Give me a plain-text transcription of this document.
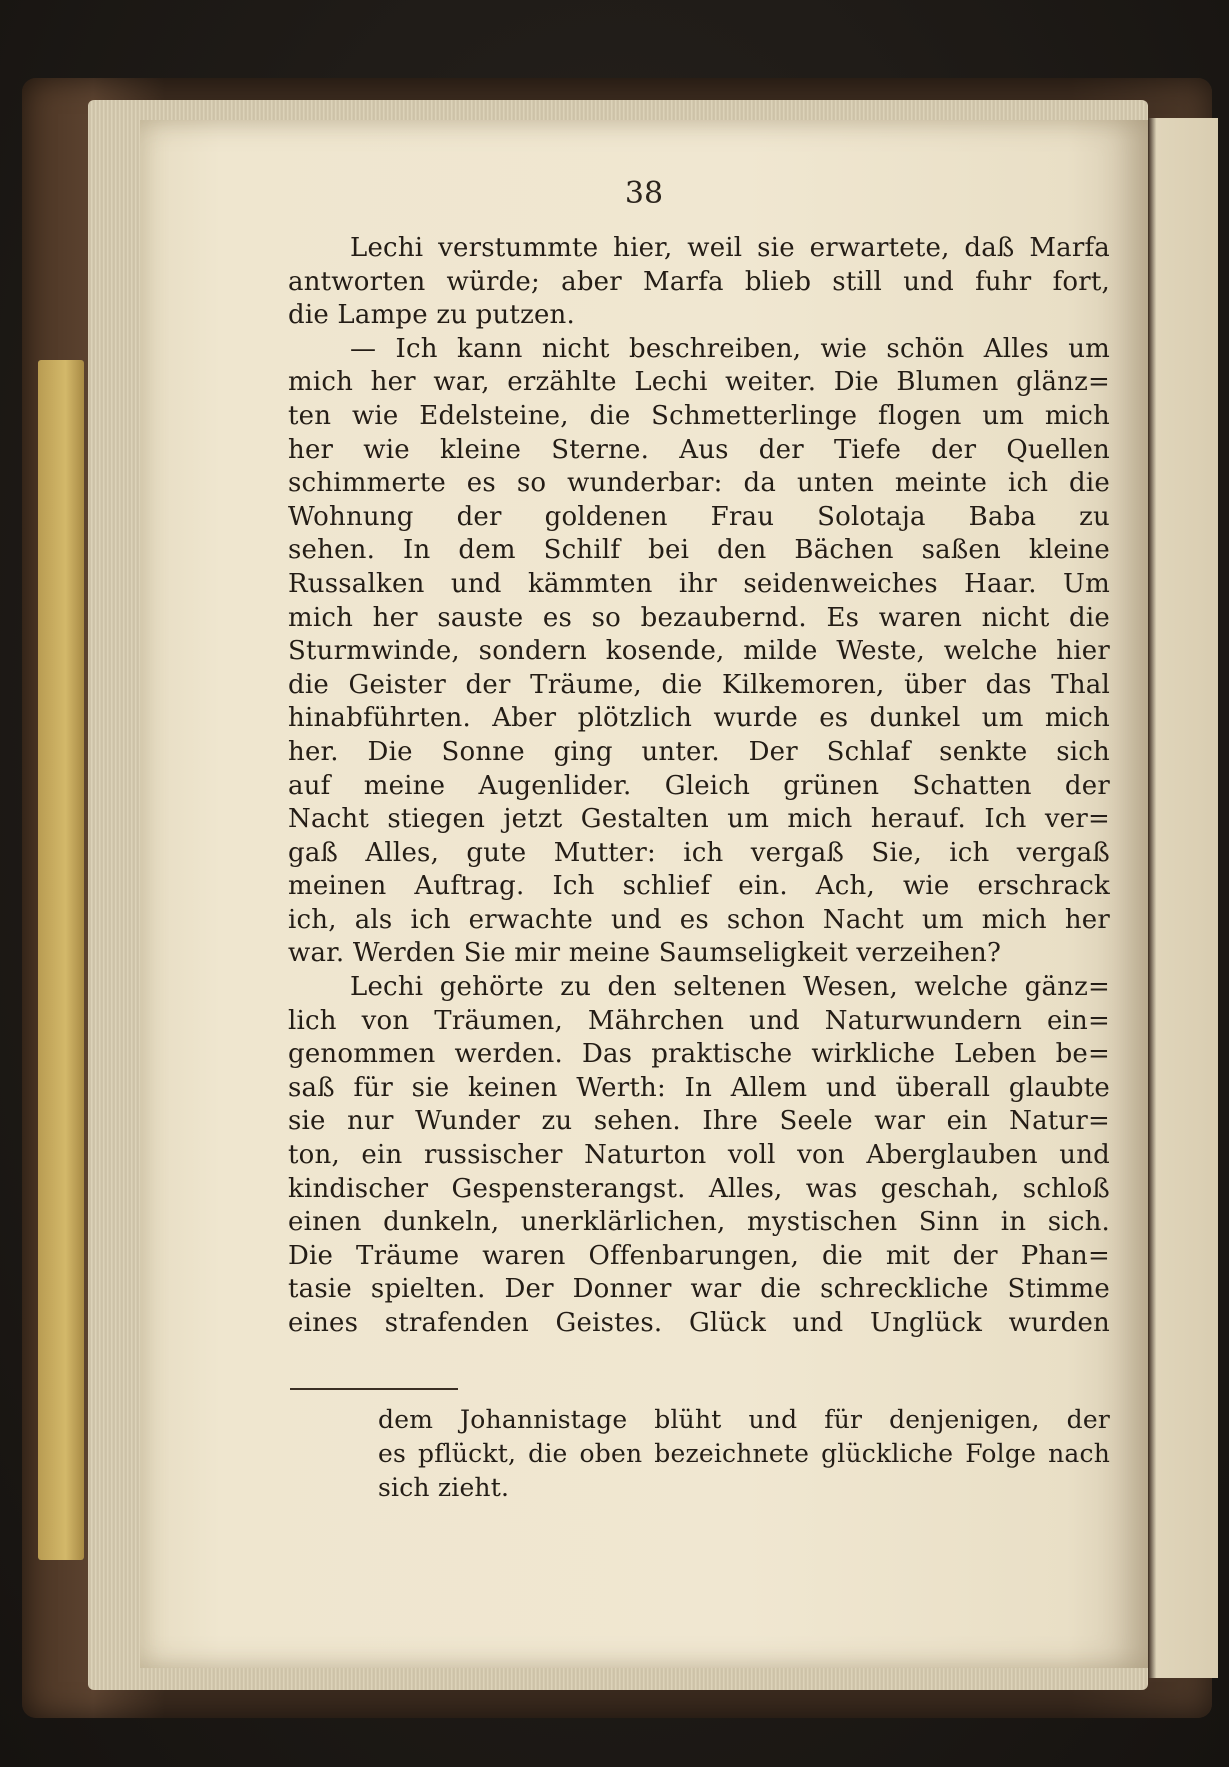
38
Lechi verstummte hier, weil sie erwartete, daß Marfa
antworten würde; aber Marfa blieb still und fuhr fort,
die Lampe zu putzen.
— Ich kann nicht beschreiben, wie schön Alles um
mich her war, erzählte Lechi weiter. Die Blumen glänz=
ten wie Edelsteine, die Schmetterlinge flogen um mich
her wie kleine Sterne. Aus der Tiefe der Quellen
schimmerte es so wunderbar: da unten meinte ich die
Wohnung der goldenen Frau Solotaja Baba zu
sehen. In dem Schilf bei den Bächen saßen kleine
Russalken und kämmten ihr seidenweiches Haar. Um
mich her sauste es so bezaubernd. Es waren nicht die
Sturmwinde, sondern kosende, milde Weste, welche hier
die Geister der Träume, die Kilkemoren, über das Thal
hinabführten. Aber plötzlich wurde es dunkel um mich
her. Die Sonne ging unter. Der Schlaf senkte sich
auf meine Augenlider. Gleich grünen Schatten der
Nacht stiegen jetzt Gestalten um mich herauf. Ich ver=
gaß Alles, gute Mutter: ich vergaß Sie, ich vergaß
meinen Auftrag. Ich schlief ein. Ach, wie erschrack
ich, als ich erwachte und es schon Nacht um mich her
war. Werden Sie mir meine Saumseligkeit verzeihen?
Lechi gehörte zu den seltenen Wesen, welche gänz=
lich von Träumen, Mährchen und Naturwundern ein=
genommen werden. Das praktische wirkliche Leben be=
saß für sie keinen Werth: In Allem und überall glaubte
sie nur Wunder zu sehen. Ihre Seele war ein Natur=
ton, ein russischer Naturton voll von Aberglauben und
kindischer Gespensterangst. Alles, was geschah, schloß
einen dunkeln, unerklärlichen, mystischen Sinn in sich.
Die Träume waren Offenbarungen, die mit der Phan=
tasie spielten. Der Donner war die schreckliche Stimme
eines strafenden Geistes. Glück und Unglück wurden
dem Johannistage blüht und für denjenigen, der
es pflückt, die oben bezeichnete glückliche Folge nach
sich zieht.
